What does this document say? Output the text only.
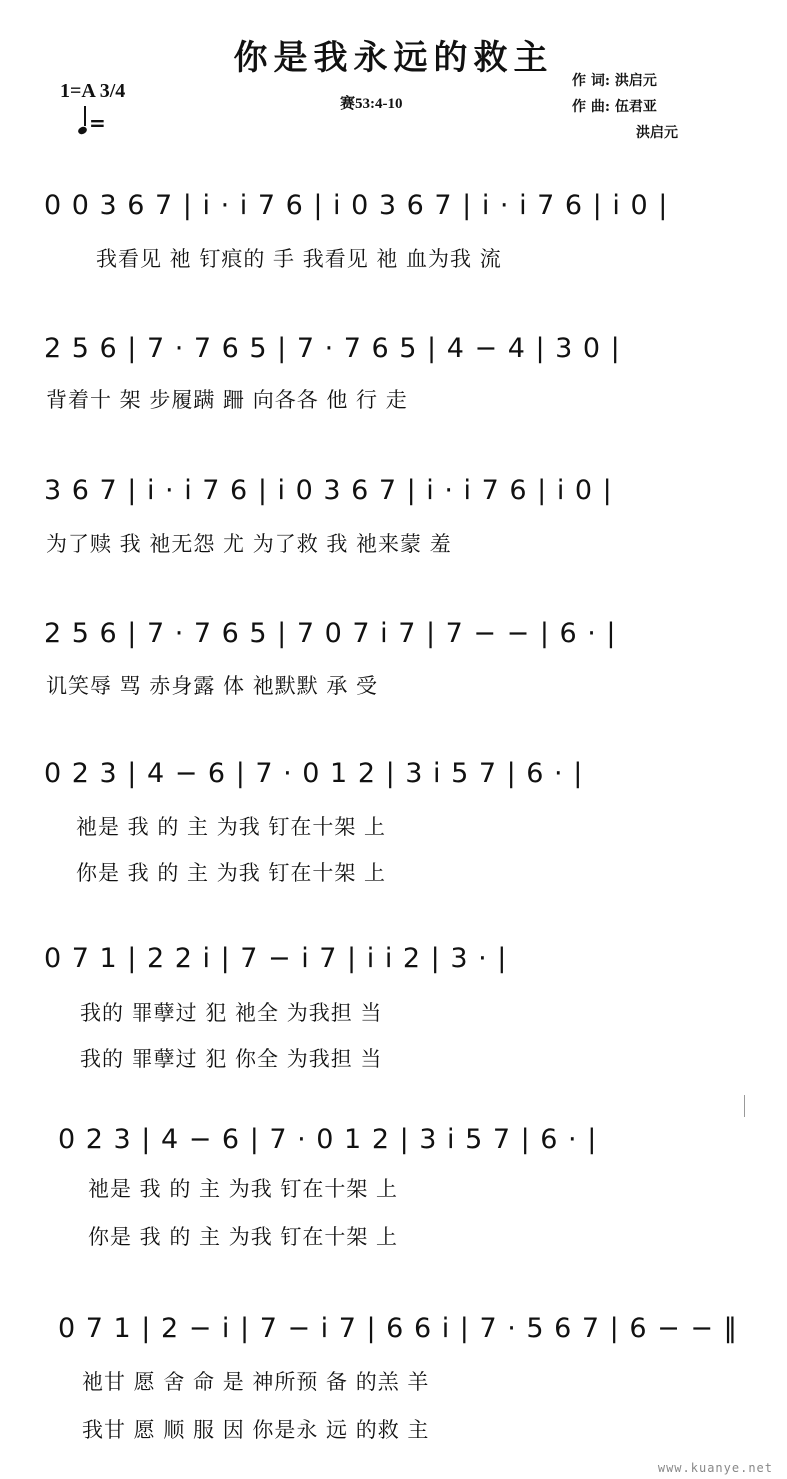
你是我永远的救主
1=A 3/4
=
赛53:4-10
作 词: 洪启元
作 曲: 伍君亚
洪启元
0 0 3 6 7 | i · i 7 6 | i 0 3 6 7 | i · i 7 6 | i 0 |
我看见 祂 钉痕的 手 我看见 祂 血为我 流
2 5 6 | 7 · 7 6 5 | 7 · 7 6 5 | 4 − 4 | 3 0 |
背着十 架 步履蹒 跚 向各各 他 行 走
3 6 7 | i · i 7 6 | i 0 3 6 7 | i · i 7 6 | i 0 |
为了赎 我 祂无怨 尤 为了救 我 祂来蒙 羞
2 5 6 | 7 · 7 6 5 | 7 0 7 i 7 | 7 − − | 6 · |
讥笑辱 骂 赤身露 体 祂默默 承 受
0 2 3 | 4 − 6 | 7 · 0 1 2 | 3 i 5 7 | 6 · |
祂是 我 的 主 为我 钉在十架 上
你是 我 的 主 为我 钉在十架 上
0 7 1 | 2 2 i | 7 − i 7 | i i 2 | 3 · |
我的 罪孽过 犯 祂全 为我担 当
我的 罪孽过 犯 你全 为我担 当
0 2 3 | 4 − 6 | 7 · 0 1 2 | 3 i 5 7 | 6 · |
祂是 我 的 主 为我 钉在十架 上
你是 我 的 主 为我 钉在十架 上
0 7 1 | 2 − i | 7 − i 7 | 6 6 i | 7 · 5 6 7 | 6 − − ‖
祂甘 愿 舍 命 是 神所预 备 的羔 羊
我甘 愿 顺 服 因 你是永 远 的救 主
www.kuanye.net
